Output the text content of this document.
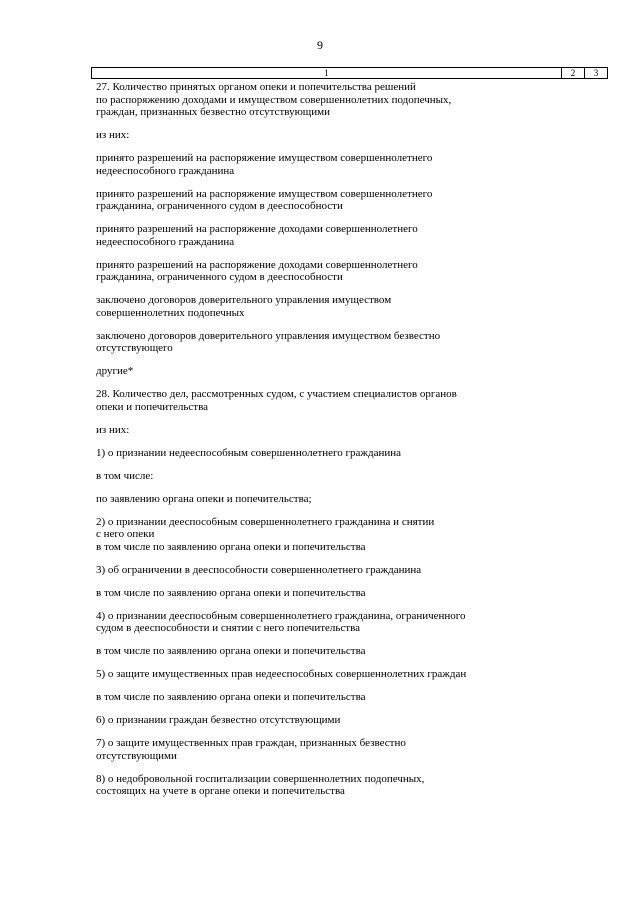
9
1	2	3
27. Количество принятых органом опеки и попечительства решений
по распоряжению доходами и имуществом совершеннолетних подопечных,
граждан, признанных безвестно отсутствующими
из них:
принято разрешений на распоряжение имуществом совершеннолетнего
недееспособного гражданина
принято разрешений на распоряжение имуществом совершеннолетнего
гражданина, ограниченного судом в дееспособности
принято разрешений на распоряжение доходами совершеннолетнего
недееспособного гражданина
принято разрешений на распоряжение доходами совершеннолетнего
гражданина, ограниченного судом в дееспособности
заключено договоров доверительного управления имуществом
совершеннолетних подопечных
заключено договоров доверительного управления имуществом безвестно
отсутствующего
другие*
28. Количество дел, рассмотренных судом, с участием специалистов органов
опеки и попечительства
из них:
1) о признании недееспособным совершеннолетнего гражданина
в том числе:
по заявлению органа опеки и попечительства;
2) о признании дееспособным совершеннолетнего гражданина и снятии
с него опеки
в том числе по заявлению органа опеки и попечительства
3) об ограничении в дееспособности совершеннолетнего гражданина
в том числе по заявлению органа опеки и попечительства
4) о признании дееспособным совершеннолетнего гражданина, ограниченного
судом в дееспособности и снятии с него попечительства
в том числе по заявлению органа опеки и попечительства
5) о защите имущественных прав недееспособных совершеннолетних граждан
в том числе по заявлению органа опеки и попечительства
6) о признании граждан безвестно отсутствующими
7) о защите имущественных прав граждан, признанных безвестно
отсутствующими
8) о недобровольной госпитализации совершеннолетних подопечных,
состоящих на учете в органе опеки и попечительства
